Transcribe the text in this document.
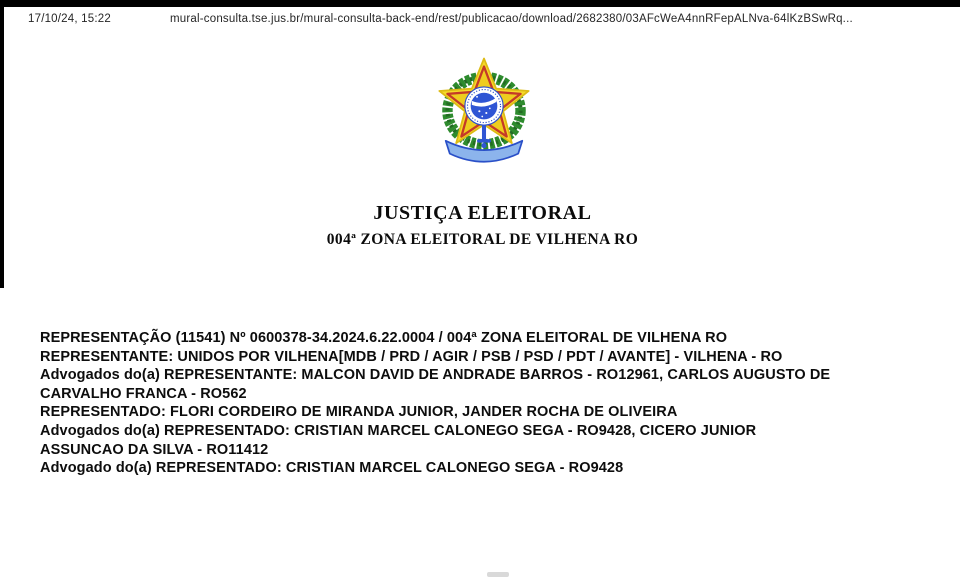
17/10/24, 15:22	mural-consulta.tse.jus.br/mural-consulta-back-end/rest/publicacao/download/2682380/03AFcWeA4nnRFepALNva-64lKzBSwRq...
JUSTIÇA ELEITORAL
004ª ZONA ELEITORAL DE VILHENA RO

REPRESENTAÇÃO (11541) Nº 0600378-34.2024.6.22.0004 / 004ª ZONA ELEITORAL DE VILHENA RO

REPRESENTANTE: UNIDOS POR VILHENA[MDB / PRD / AGIR / PSB / PSD / PDT / AVANTE] - VILHENA - RO

Advogados do(a) REPRESENTANTE: MALCON DAVID DE ANDRADE BARROS - RO12961, CARLOS AUGUSTO DE

CARVALHO FRANCA - RO562

REPRESENTADO: FLORI CORDEIRO DE MIRANDA JUNIOR, JANDER ROCHA DE OLIVEIRA

Advogados do(a) REPRESENTADO: CRISTIAN MARCEL CALONEGO SEGA - RO9428, CICERO JUNIOR

ASSUNCAO DA SILVA - RO11412

Advogado do(a) REPRESENTADO: CRISTIAN MARCEL CALONEGO SEGA - RO9428
